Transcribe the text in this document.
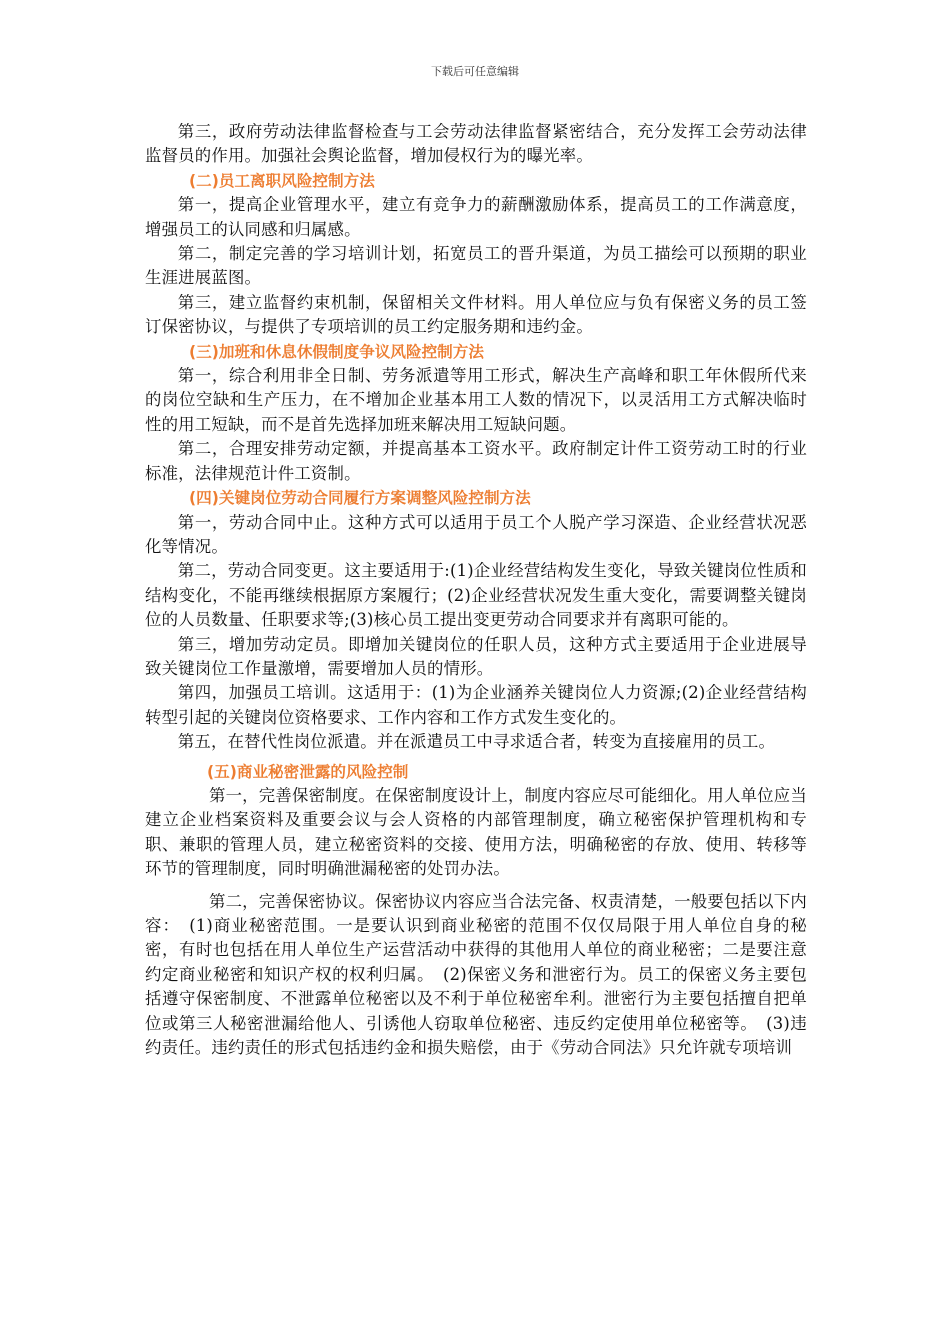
下载后可任意编辑

第三，政府劳动法律监督检查与工会劳动法律监督紧密结合，充分发挥工会劳动法律监督员的作用。加强社会舆论监督，增加侵权行为的曝光率。

(二)员工离职风险控制方法

第一，提高企业管理水平，建立有竞争力的薪酬激励体系，提高员工的工作满意度，增强员工的认同感和归属感。

第二，制定完善的学习培训计划，拓宽员工的晋升渠道，为员工描绘可以预期的职业生涯进展蓝图。

第三，建立监督约束机制，保留相关文件材料。用人单位应与负有保密义务的员工签订保密协议，与提供了专项培训的员工约定服务期和违约金。

(三)加班和休息休假制度争议风险控制方法

第一，综合利用非全日制、劳务派遣等用工形式，解决生产高峰和职工年休假所代来的岗位空缺和生产压力，在不增加企业基本用工人数的情况下，以灵活用工方式解决临时性的用工短缺，而不是首先选择加班来解决用工短缺问题。

第二，合理安排劳动定额，并提高基本工资水平。政府制定计件工资劳动工时的行业标准，法律规范计件工资制。

(四)关键岗位劳动合同履行方案调整风险控制方法

第一，劳动合同中止。这种方式可以适用于员工个人脱产学习深造、企业经营状况恶化等情况。

第二，劳动合同变更。这主要适用于:(1)企业经营结构发生变化，导致关键岗位性质和结构变化，不能再继续根据原方案履行；(2)企业经营状况发生重大变化，需要调整关键岗位的人员数量、任职要求等;(3)核心员工提出变更劳动合同要求并有离职可能的。

第三，增加劳动定员。即增加关键岗位的任职人员，这种方式主要适用于企业进展导致关键岗位工作量激增，需要增加人员的情形。

第四，加强员工培训。这适用于：(1)为企业涵养关键岗位人力资源;(2)企业经营结构转型引起的关键岗位资格要求、工作内容和工作方式发生变化的。

第五，在替代性岗位派遣。并在派遣员工中寻求适合者，转变为直接雇用的员工。

(五)商业秘密泄露的风险控制

第一，完善保密制度。在保密制度设计上，制度内容应尽可能细化。用人单位应当建立企业档案资料及重要会议与会人资格的内部管理制度，确立秘密保护管理机构和专职、兼职的管理人员，建立秘密资料的交接、使用方法，明确秘密的存放、使用、转移等环节的管理制度，同时明确泄漏秘密的处罚办法。

第二，完善保密协议。保密协议内容应当合法完备、权责清楚，一般要包括以下内容：　(1)商业秘密范围。一是要认识到商业秘密的范围不仅仅局限于用人单位自身的秘密，有时也包括在用人单位生产运营活动中获得的其他用人单位的商业秘密；二是要注意约定商业秘密和知识产权的权利归属。　(2)保密义务和泄密行为。员工的保密义务主要包括遵守保密制度、不泄露单位秘密以及不利于单位秘密牟利。泄密行为主要包括擅自把单位或第三人秘密泄漏给他人、引诱他人窃取单位秘密、违反约定使用单位秘密等。　(3)违约责任。违约责任的形式包括违约金和损失赔偿，由于《劳动合同法》只允许就专项培训
